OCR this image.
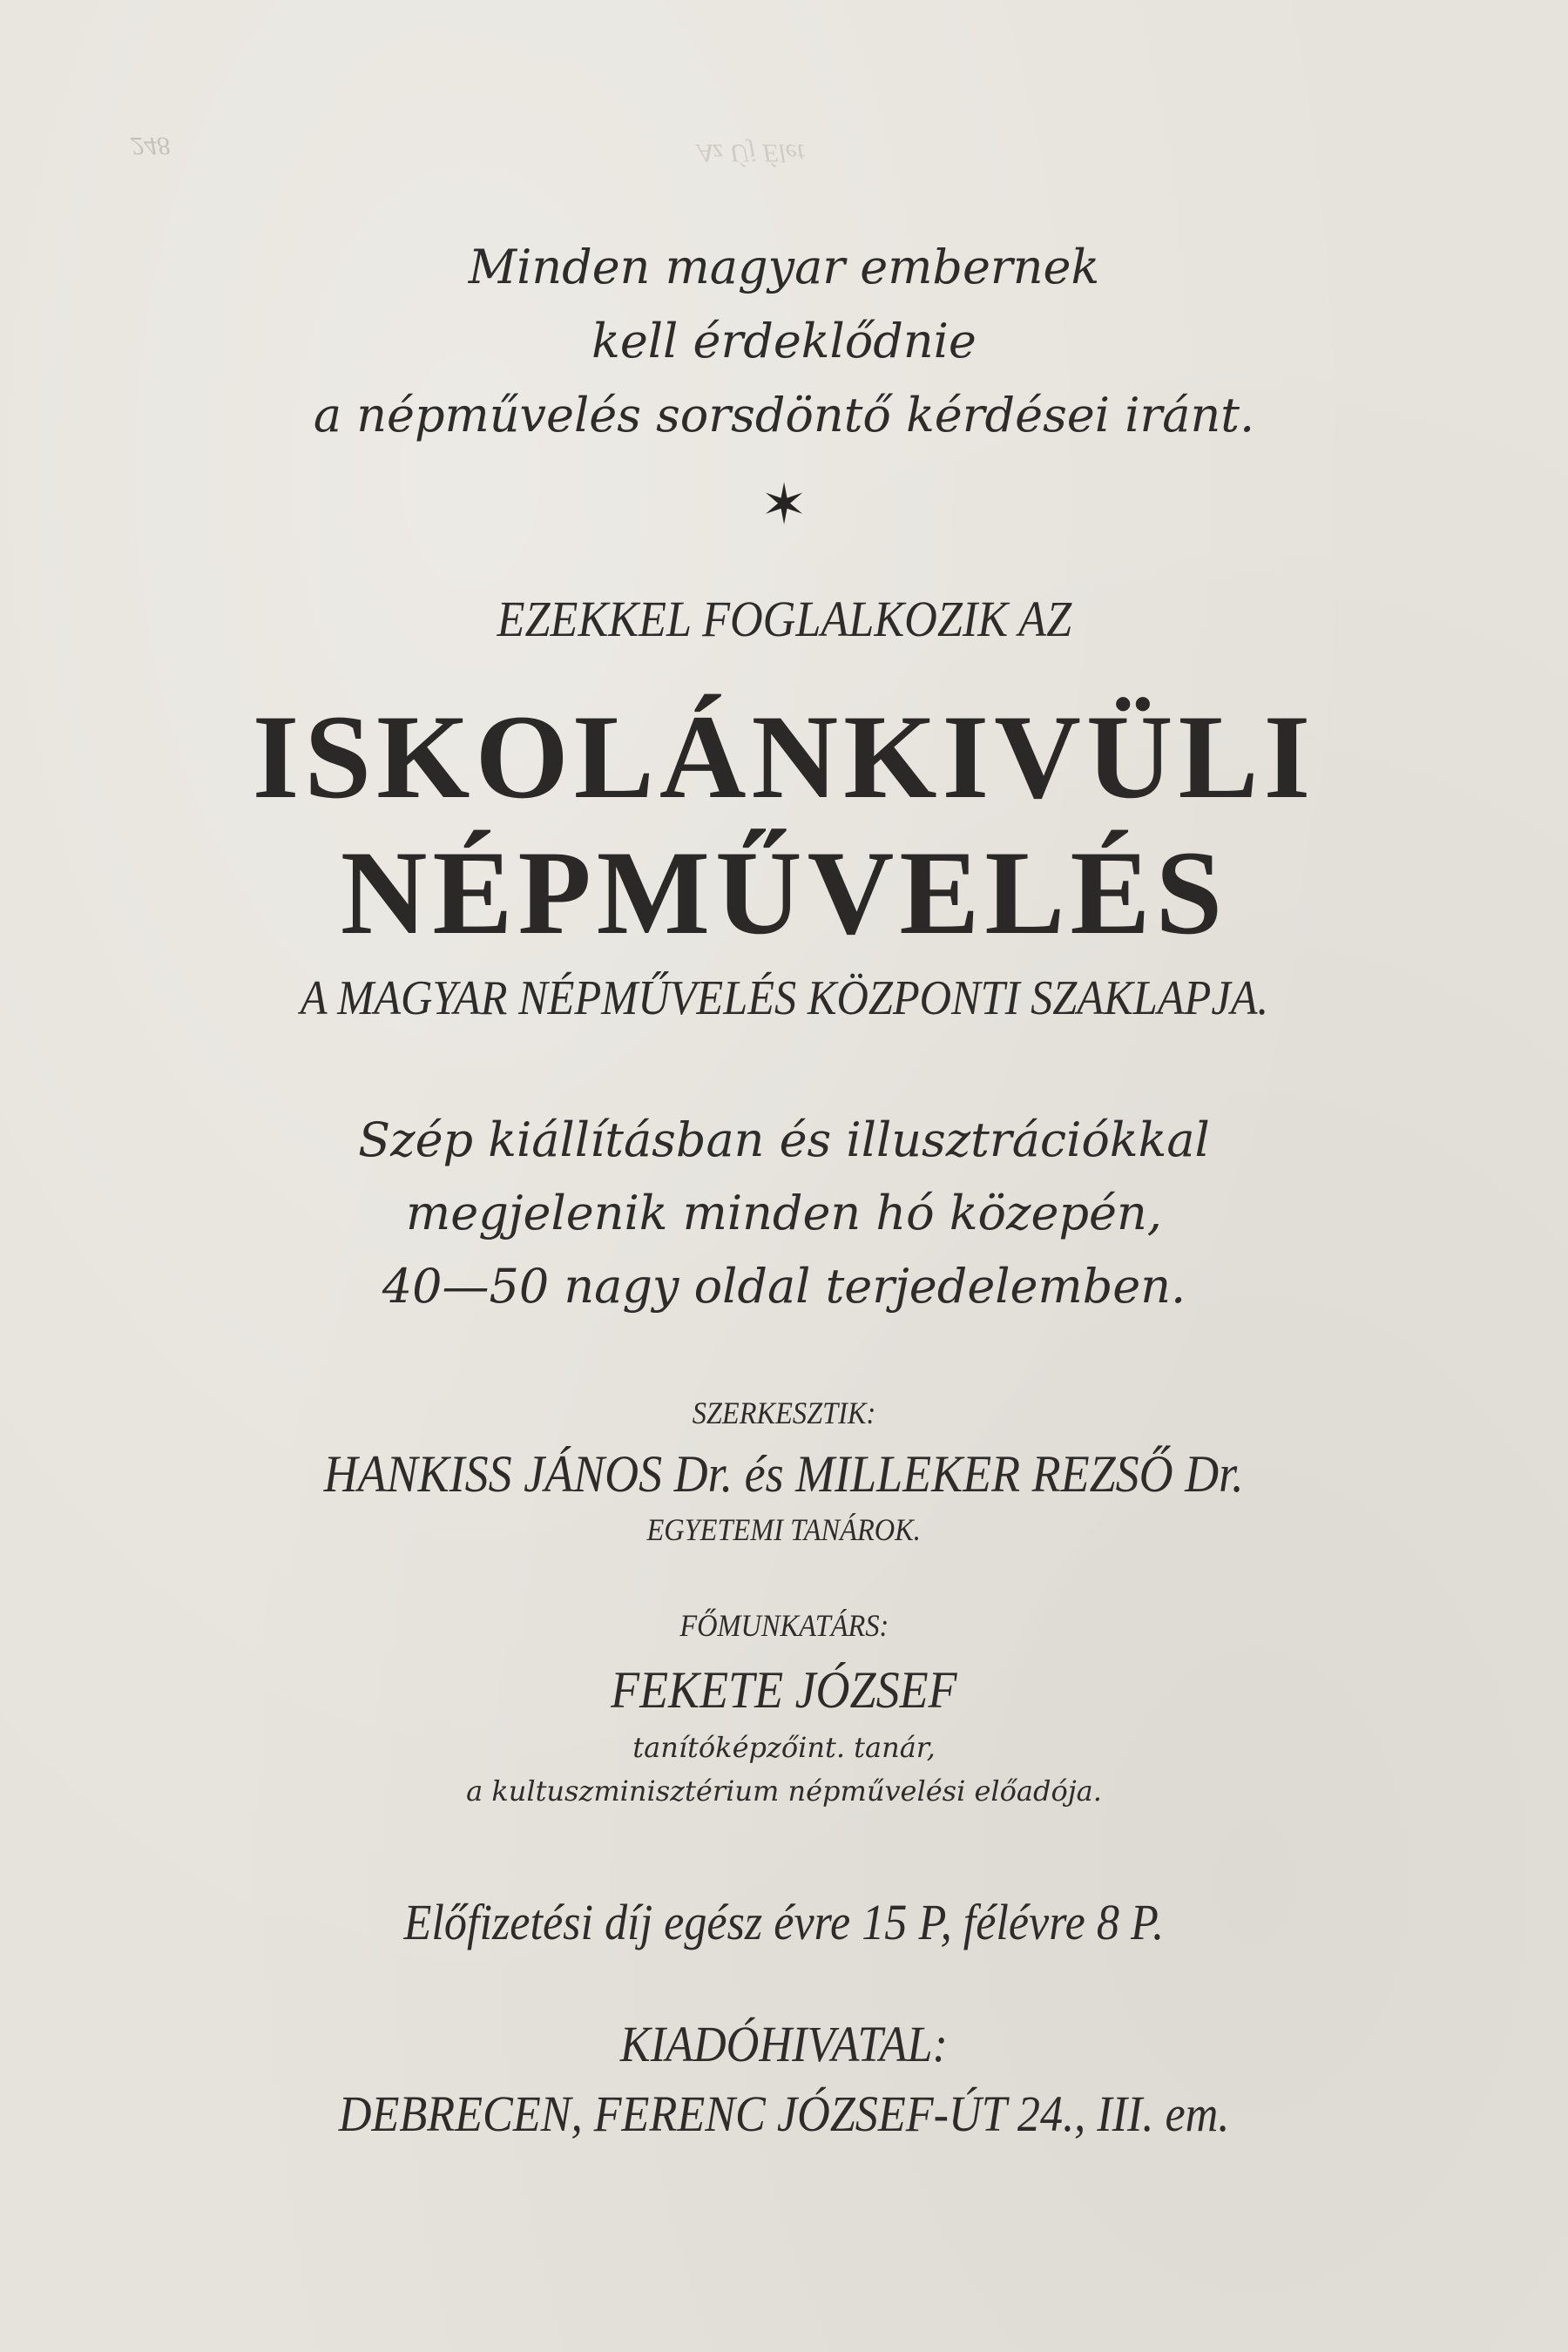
248	Az Új Élet
Minden magyar embernek
kell érdeklődnie
a népművelés sorsdöntő kérdései iránt.
✶
EZEKKEL FOGLALKOZIK AZ
ISKOLÁNKIVÜLI
NÉPMŰVELÉS
A MAGYAR NÉPMŰVELÉS KÖZPONTI SZAKLAPJA.
Szép kiállításban és illusztrációkkal
megjelenik minden hó közepén,
40—50 nagy oldal terjedelemben.
SZERKESZTIK:
HANKISS JÁNOS Dr. és MILLEKER REZSŐ Dr.
EGYETEMI TANÁROK.
FŐMUNKATÁRS:
FEKETE JÓZSEF
tanítóképzőint. tanár,
a kultuszminisztérium népművelési előadója.
Előfizetési díj egész évre 15 P, félévre 8 P.
KIADÓHIVATAL:
DEBRECEN, FERENC JÓZSEF-ÚT 24., III. em.
